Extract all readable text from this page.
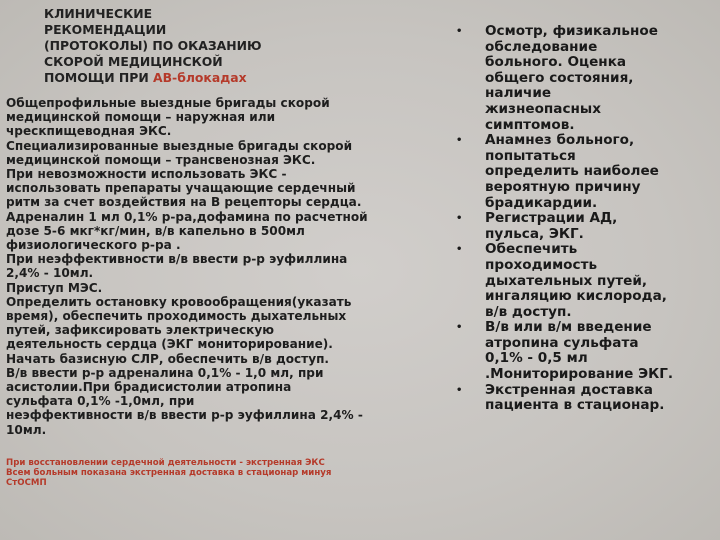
КЛИНИЧЕСКИЕ
РЕКОМЕНДАЦИИ
(ПРОТОКОЛЫ) ПО ОКАЗАНИЮ
СКОРОЙ МЕДИЦИНСКОЙ
ПОМОЩИ ПРИ АВ-блокадах

Общепрофильные выездные бригады скорой

медицинской помощи – наружная или

чрескпищеводная ЭКС.

Специализированные выездные бригады скорой

медицинской помощи – трансвенозная ЭКС.

При невозможности использовать ЭКС -

использовать препараты учащающие сердечный

ритм за счет воздействия на В рецепторы сердца.

Адреналин 1 мл 0,1% р-ра,дофамина по расчетной

дозе 5-6 мкг*кг/мин, в/в капельно в 500мл

физиологического р-ра .

При неэффективности в/в ввести р-р эуфиллина

2,4% - 10мл.

Приступ МЭС.

Определить остановку кровообращения(указать

время), обеспечить проходимость дыхательных

путей, зафиксировать электрическую

деятельность сердца (ЭКГ мониторирование).

Начать базисную СЛР, обеспечить в/в доступ.

В/в ввести р-р адреналина 0,1% - 1,0 мл, при

асистолии.При брадисистолии атропина

сульфата 0,1% -1,0мл, при

неэффективности в/в ввести р-р эуфиллина 2,4% -

10мл.

При восстановлении сердечной деятельности - экстренная ЭКС

Всем больным показана экстренная доставка в стационар минуя

СтОСМП

• Осмотр, физикальное
обследование
больного. Оценка
общего состояния,
наличие
жизнеопасных
симптомов.
• Анамнез больного,
попытаться
определить наиболее
вероятную причину
брадикардии.
• Регистрации АД,
пульса, ЭКГ.
• Обеспечить
проходимость
дыхательных путей,
ингаляцию кислорода,
в/в доступ.
• В/в или в/м введение
атропина сульфата
0,1% - 0,5 мл
.Мониторирование ЭКГ.
• Экстренная доставка
пациента в стационар.
